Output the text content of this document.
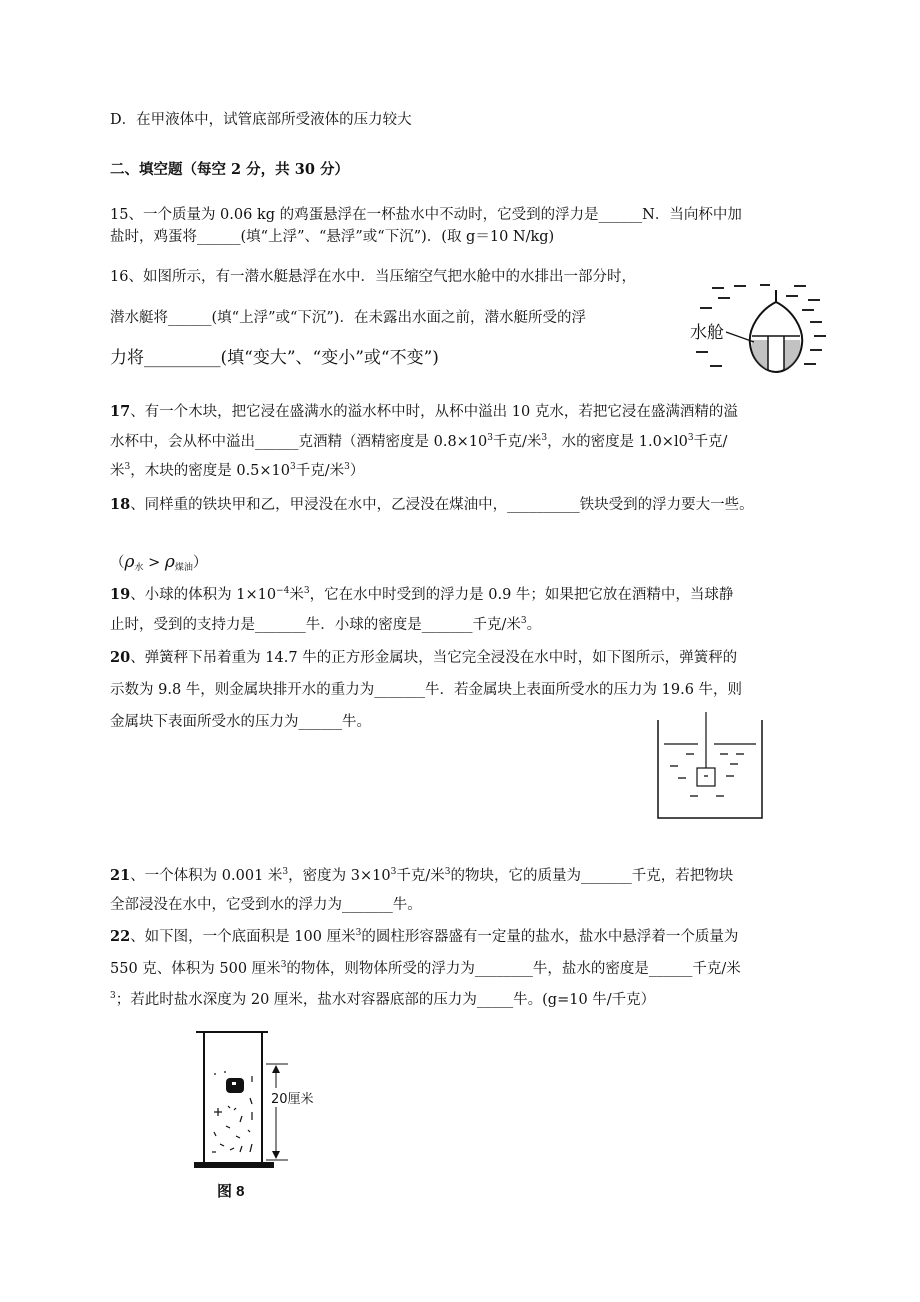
D．在甲液体中，试管底部所受液体的压力较大
二、填空题（每空 2 分，共 30 分）
15、一个质量为 0.06 kg 的鸡蛋悬浮在一杯盐水中不动时，它受到的浮力是______N．当向杯中加
盐时，鸡蛋将______(填“上浮”、“悬浮”或“下沉”)．(取 g＝10 N/kg)
16、如图所示，有一潜水艇悬浮在水中．当压缩空气把水舱中的水排出一部分时，
潜水艇将______(填“上浮”或“下沉”)．在未露出水面之前，潜水艇所受的浮
力将_________(填“变大”、“变小”或“不变”)
水舱
17、有一个木块，把它浸在盛满水的溢水杯中时，从杯中溢出 10 克水，若把它浸在盛满酒精的溢
水杯中，会从杯中溢出______克酒精（酒精密度是 $0.8\times 10^3$千克/米$^3$，水的密度是 $1.0\times l0^3$千克/
米$^3$，木块的密度是 $0.5\times 10^3$千克/米$^3$）
18、同样重的铁块甲和乙，甲浸没在水中，乙浸没在煤油中，__________铁块受到的浮力要大一些。
$(\rho_水 > \rho_{煤油})$
19、小球的体积为 $1\times 10^{-4}$米$^3$，它在水中时受到的浮力是 0.9 牛；如果把它放在酒精中，当球静
止时，受到的支持力是_______牛．小球的密度是_______千克/米$^3$。
20、弹簧秤下吊着重为 14.7 牛的正方形金属块，当它完全浸没在水中时，如下图所示，弹簧秤的
示数为 9.8 牛，则金属块排开水的重力为_______牛．若金属块上表面所受水的压力为 19.6 牛，则
金属块下表面所受水的压力为______牛。
21、一个体积为 0.001 米$^3$，密度为 $3\times 10^3$千克/米$^3$的物块，它的质量为_______千克，若把物块
全部浸没在水中，它受到水的浮力为_______牛。
22、如下图，一个底面积是 100 厘米$^3$的圆柱形容器盛有一定量的盐水，盐水中悬浮着一个质量为
550 克、体积为 500 厘米$^3$的物体，则物体所受的浮力为________牛，盐水的密度是______千克/米
$^3$；若此时盐水深度为 20 厘米，盐水对容器底部的压力为_____牛。(g=10 牛/千克）
20厘米
图 8
